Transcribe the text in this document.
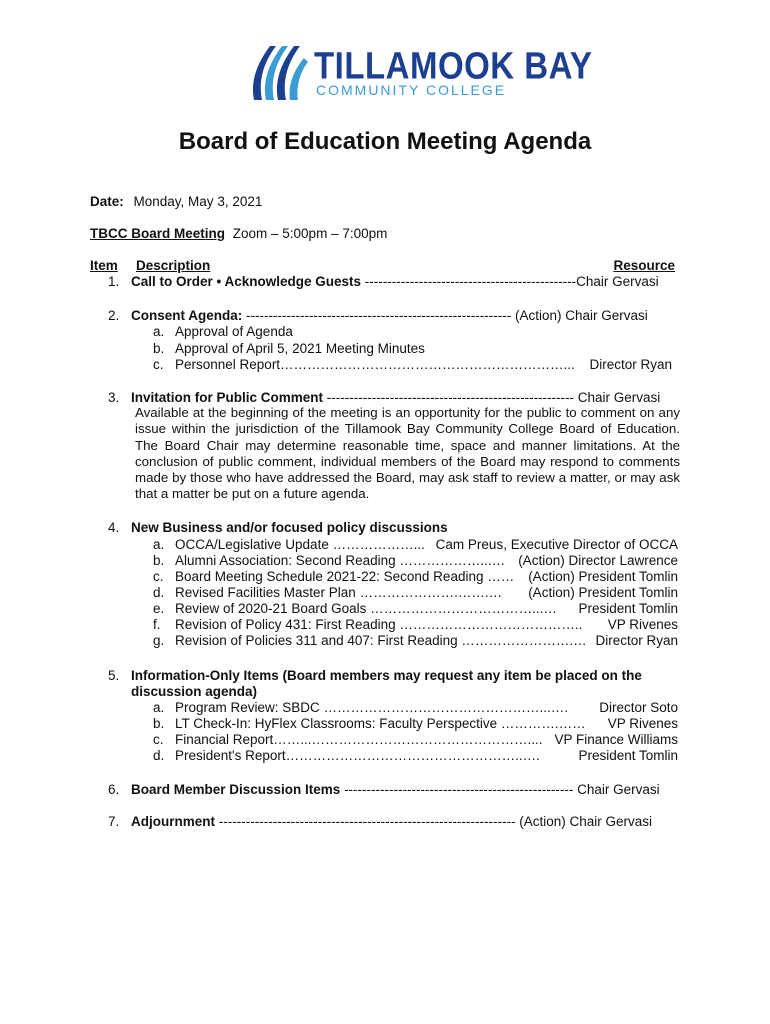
TILLAMOOK BAY
COMMUNITY COLLEGE
Board of Education Meeting Agenda
Date: Monday, May 3, 2021
TBCC Board Meeting Zoom – 5:00pm – 7:00pm
Item Description	Resource
1. Call to Order • Acknowledge Guests -----------------------------------------------Chair Gervasi
2. Consent Agenda: ----------------------------------------------------------- (Action) Chair Gervasi
a. Approval of Agenda
b. Approval of April 5, 2021 Meeting Minutes
c. Personnel Report………………………………………………………... Director Ryan
3. Invitation for Public Comment ------------------------------------------------------- Chair Gervasi
Available at the beginning of the meeting is an opportunity for the public to comment on any issue within the jurisdiction of the Tillamook Bay Community College Board of Education. The Board Chair may determine reasonable time, space and manner limitations. At the conclusion of public comment, individual members of the Board may respond to comments made by those who have addressed the Board, may ask staff to review a matter, or may ask that a matter be put on a future agenda.
4. New Business and/or focused policy discussions
a. OCCA/Legislative Update ………………... Cam Preus, Executive Director of OCCA
b. Alumni Association: Second Reading ………………...… (Action) Director Lawrence
c. Board Meeting Schedule 2021-22: Second Reading …… (Action) President Tomlin
d. Revised Facilities Master Plan ………………….…….… (Action) President Tomlin
e. Review of 2020-21 Board Goals ………………………………...… President Tomlin
f. Revision of Policy 431: First Reading ………………………………….. VP Rivenes
g. Revision of Policies 311 and 407: First Reading …………………….… Director Ryan
5. Information-Only Items (Board members may request any item be placed on the
discussion agenda)
a. Program Review: SBDC …………………………………………...…. Director Soto
b. LT Check-In: HyFlex Classrooms: Faculty Perspective ………….…… VP Rivenes
c. Financial Report……...………………………………………….... VP Finance Williams
d. President's Report……………………………………………..….	President Tomlin
6. Board Member Discussion Items --------------------------------------------------- Chair Gervasi
7. Adjournment ------------------------------------------------------------------ (Action) Chair Gervasi
